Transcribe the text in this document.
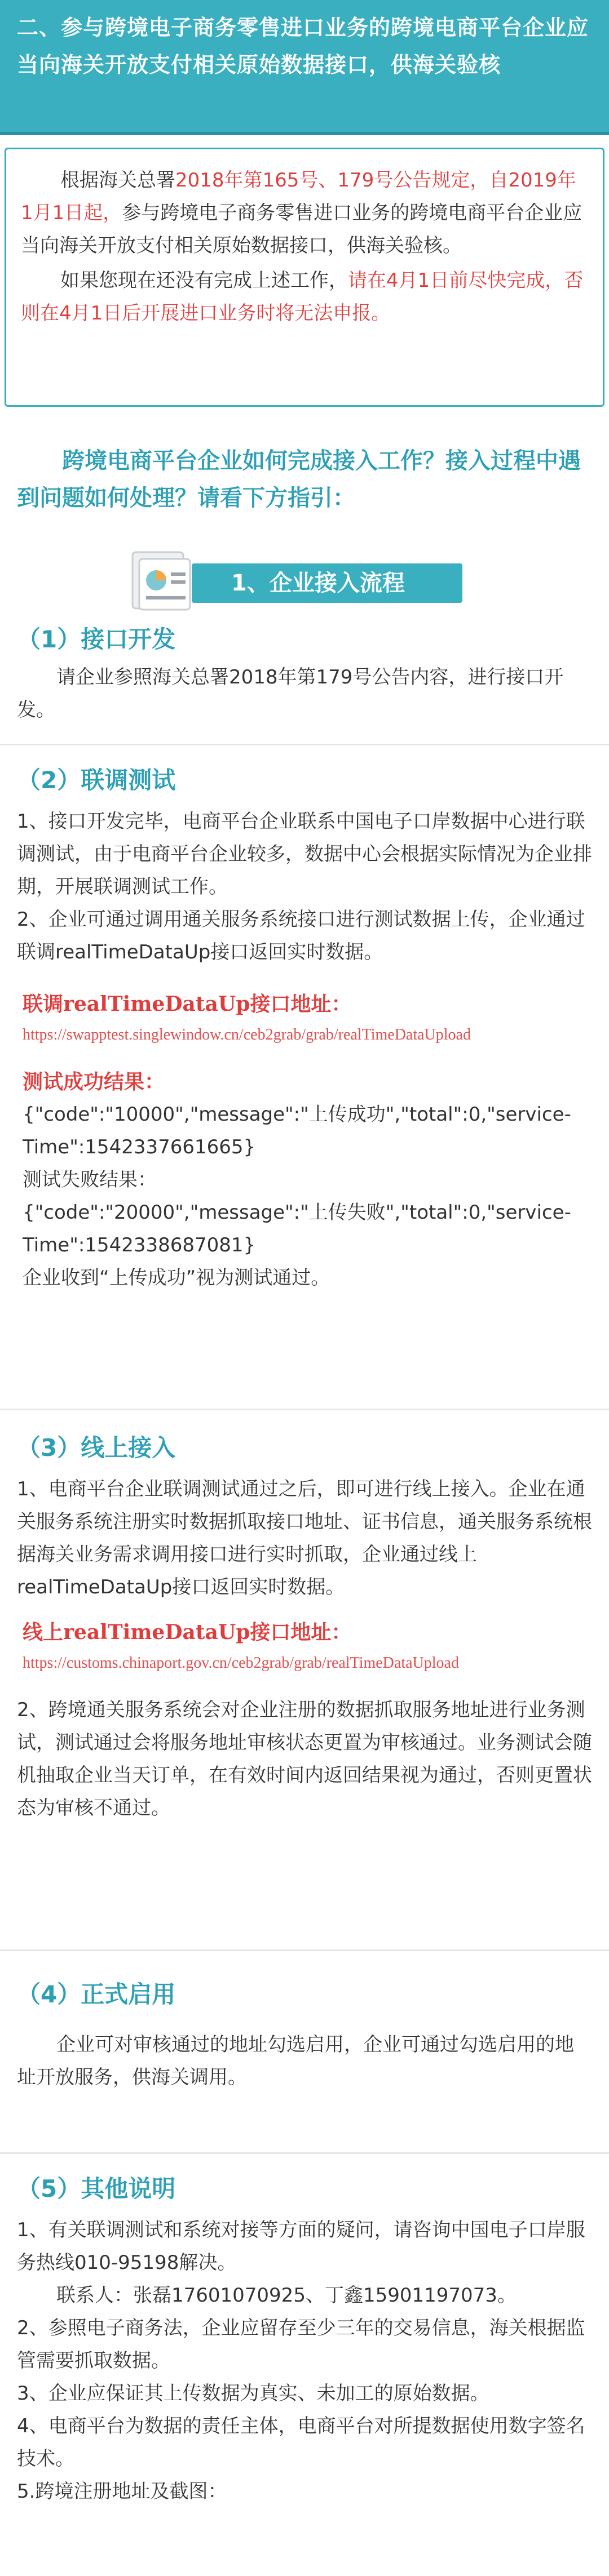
二、参与跨境电子商务零售进口业务的跨境电商平台企业应当向海关开放支付相关原始数据接口，供海关验核

根据海关总署2018年第165号、179号公告规定，自2019年1月1日起，参与跨境电子商务零售进口业务的跨境电商平台企业应当向海关开放支付相关原始数据接口，供海关验核。

如果您现在还没有完成上述工作，请在4月1日前尽快完成，否则在4月1日后开展进口业务时将无法申报。

跨境电商平台企业如何完成接入工作？接入过程中遇到问题如何处理？请看下方指引：

1、企业接入流程

（1）接口开发

请企业参照海关总署2018年第179号公告内容，进行接口开发。

（2）联调测试

1、接口开发完毕，电商平台企业联系中国电子口岸数据中心进行联调测试，由于电商平台企业较多，数据中心会根据实际情况为企业排期，开展联调测试工作。

2、企业可通过调用通关服务系统接口进行测试数据上传，企业通过联调realTimeDataUp接口返回实时数据。

联调realTimeDataUp接口地址：

https://swapptest.singlewindow.cn/ceb2grab/grab/realTimeDataUpload

测试成功结果：

{"code":"10000","message":"上传成功","total":0,"service-Time":1542337661665}

测试失败结果：

{"code":"20000","message":"上传失败","total":0,"service-Time":1542338687081}

企业收到“上传成功”视为测试通过。

（3）线上接入

1、电商平台企业联调测试通过之后，即可进行线上接入。企业在通关服务系统注册实时数据抓取接口地址、证书信息，通关服务系统根据海关业务需求调用接口进行实时抓取，企业通过线上realTimeDataUp接口返回实时数据。

线上realTimeDataUp接口地址：

https://customs.chinaport.gov.cn/ceb2grab/grab/realTimeDataUpload

2、跨境通关服务系统会对企业注册的数据抓取服务地址进行业务测试，测试通过会将服务地址审核状态更置为审核通过。业务测试会随机抽取企业当天订单，在有效时间内返回结果视为通过，否则更置状态为审核不通过。

（4）正式启用

企业可对审核通过的地址勾选启用，企业可通过勾选启用的地址开放服务，供海关调用。

（5）其他说明

1、有关联调测试和系统对接等方面的疑问，请咨询中国电子口岸服务热线010-95198解决。

联系人：张磊17601070925、丁鑫15901197073。

2、参照电子商务法，企业应留存至少三年的交易信息，海关根据监管需要抓取数据。

3、企业应保证其上传数据为真实、未加工的原始数据。

4、电商平台为数据的责任主体，电商平台对所提数据使用数字签名技术。

5.跨境注册地址及截图：
